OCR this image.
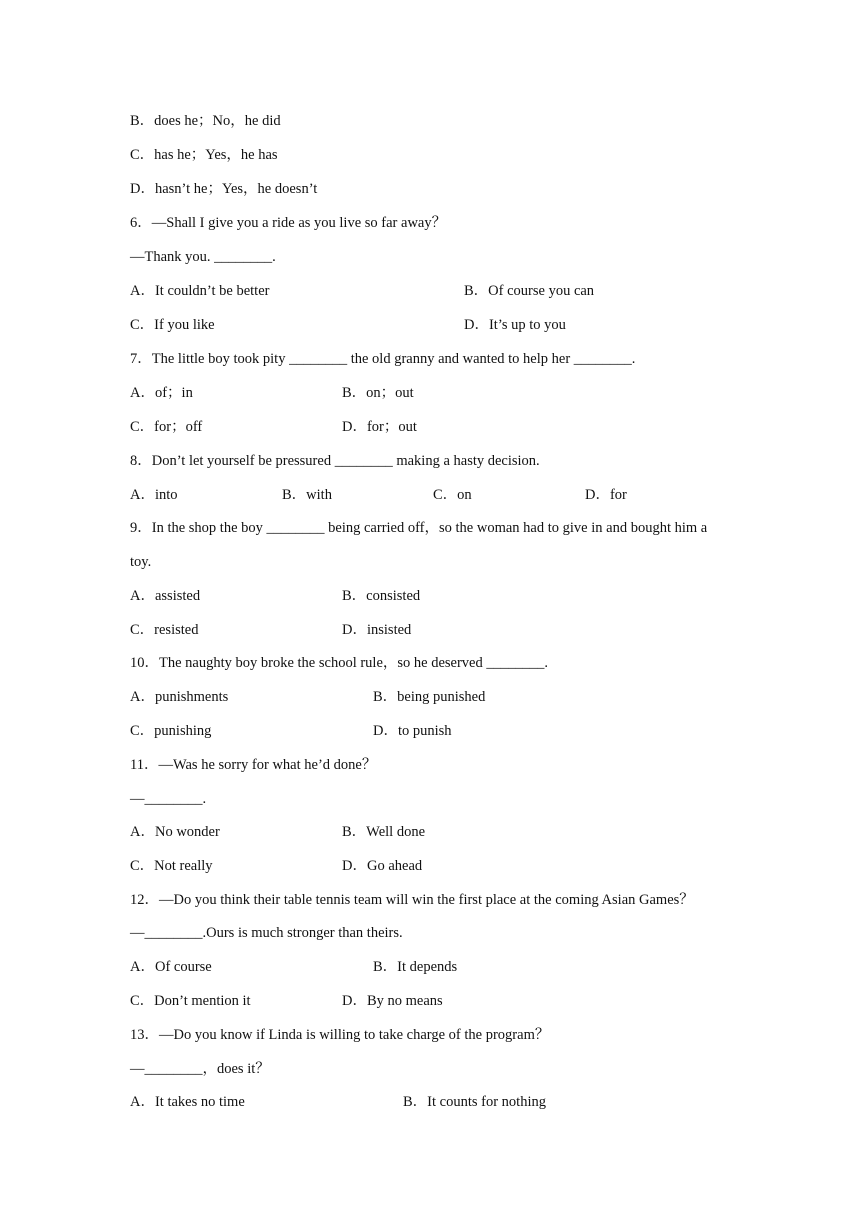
B．does he；No，he did
C．has he；Yes，he has
D．hasn’t he；Yes，he doesn’t
6．—Shall I give you a ride as you live so far away？
—Thank you. ________.
A．It couldn’t be better	B．Of course you can
C．If you like	D．It’s up to you
7．The little boy took pity ________ the old granny and wanted to help her ________.
A．of；in	B．on；out
C．for；off	D．for；out
8．Don’t let yourself be pressured ________ making a hasty decision.
A．into	B．with	C．on	D．for
9．In the shop the boy ________ being carried off，so the woman had to give in and bought him a
toy.
A．assisted	B．consisted
C．resisted	D．insisted
10．The naughty boy broke the school rule，so he deserved ________.
A．punishments	B．being punished
C．punishing	D．to punish
11．—Was he sorry for what he’d done？
—________.
A．No wonder	B．Well done
C．Not really	D．Go ahead
12．—Do you think their table tennis team will win the first place at the coming Asian Games？
—________.Ours is much stronger than theirs.
A．Of course	B．It depends
C．Don’t mention it	D．By no means
13．—Do you know if Linda is willing to take charge of the program？
—________，does it？
A．It takes no time	B．It counts for nothing
